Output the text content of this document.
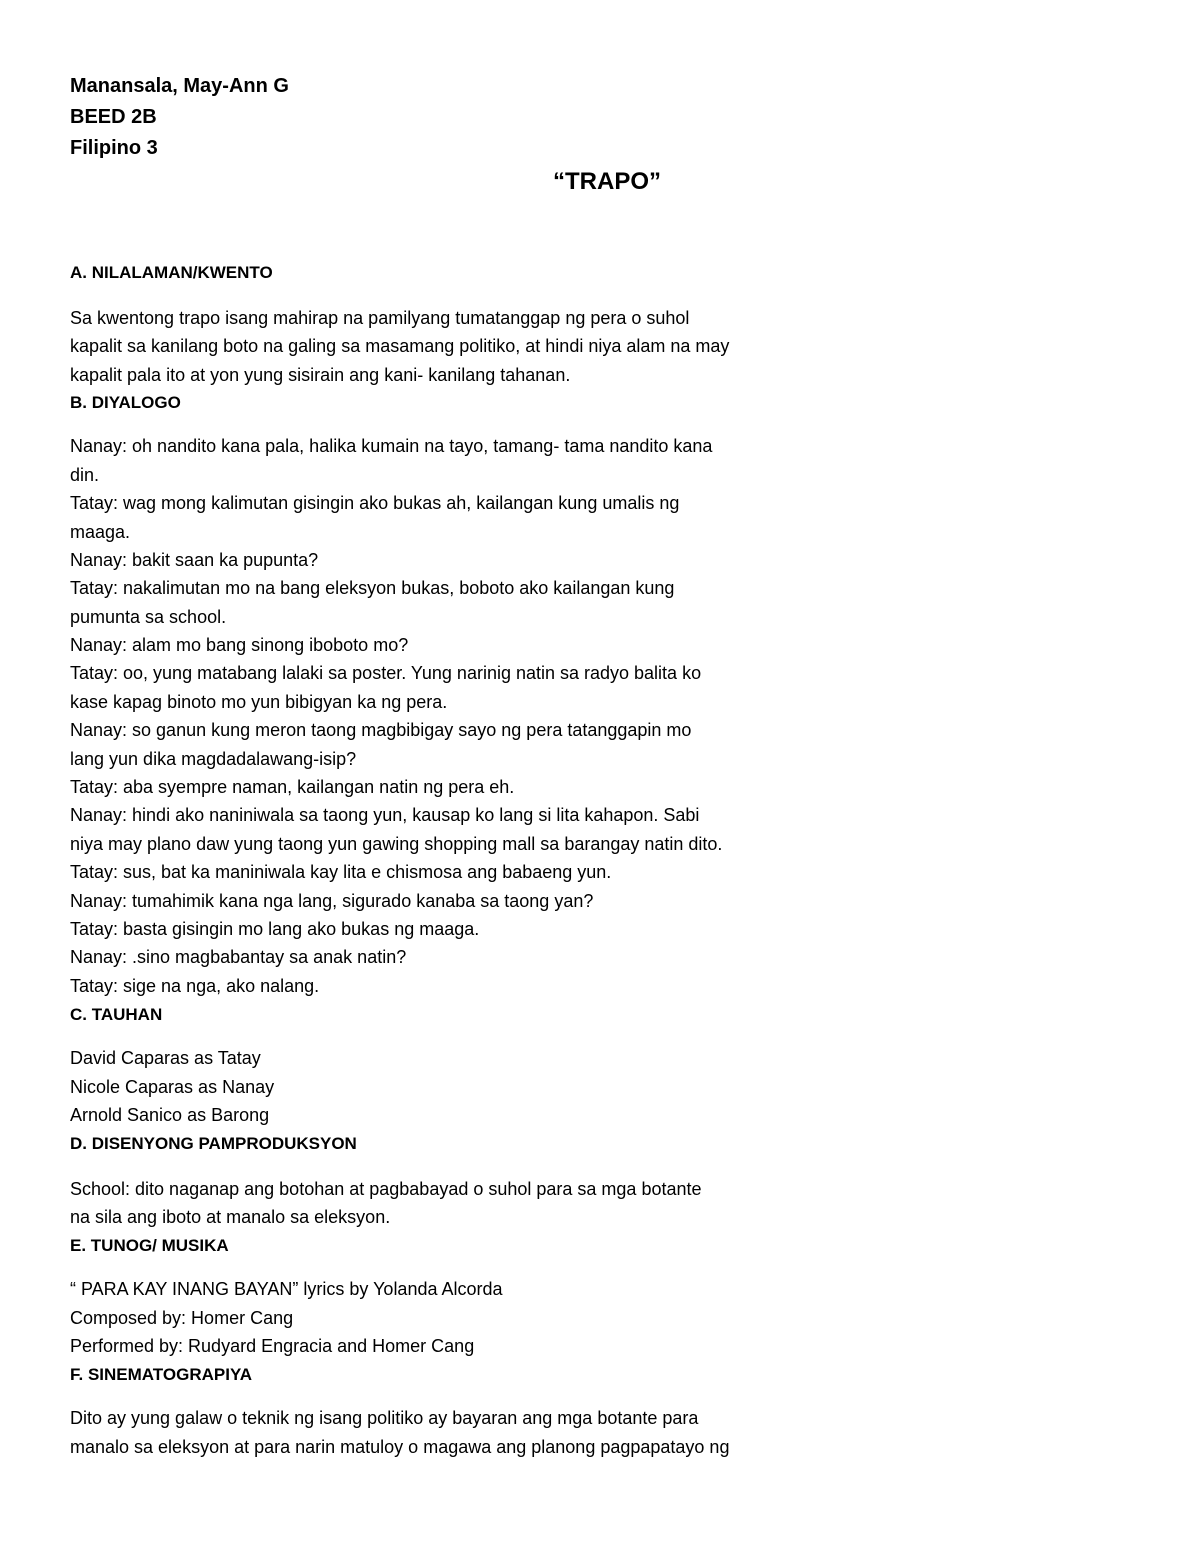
Manansala, May-Ann G
BEED 2B
Filipino 3
“TRAPO”
A. NILALAMAN/KWENTO
Sa kwentong trapo isang mahirap na pamilyang tumatanggap ng pera o suhol
kapalit sa kanilang boto na galing sa masamang politiko, at hindi niya alam na may
kapalit pala ito at yon yung sisirain ang kani- kanilang tahanan.
B. DIYALOGO
Nanay: oh nandito kana pala, halika kumain na tayo, tamang- tama nandito kana
din.
Tatay: wag mong kalimutan gisingin ako bukas ah, kailangan kung umalis ng
maaga.
Nanay: bakit saan ka pupunta?
Tatay: nakalimutan mo na bang eleksyon bukas, boboto ako kailangan kung
pumunta sa school.
Nanay: alam mo bang sinong iboboto mo?
Tatay: oo, yung matabang lalaki sa poster. Yung narinig natin sa radyo balita ko
kase kapag binoto mo yun bibigyan ka ng pera.
Nanay: so ganun kung meron taong magbibigay sayo ng pera tatanggapin mo
lang yun dika magdadalawang-isip?
Tatay: aba syempre naman, kailangan natin ng pera eh.
Nanay: hindi ako naniniwala sa taong yun, kausap ko lang si lita kahapon. Sabi
niya may plano daw yung taong yun gawing shopping mall sa barangay natin dito.
Tatay: sus, bat ka maniniwala kay lita e chismosa ang babaeng yun.
Nanay: tumahimik kana nga lang, sigurado kanaba sa taong yan?
Tatay: basta gisingin mo lang ako bukas ng maaga.
Nanay: .sino magbabantay sa anak natin?
Tatay: sige na nga, ako nalang.
C. TAUHAN
David Caparas as Tatay
Nicole Caparas as Nanay
Arnold Sanico as Barong
D. DISENYONG PAMPRODUKSYON
School: dito naganap ang botohan at pagbabayad o suhol para sa mga botante
na sila ang iboto at manalo sa eleksyon.
E. TUNOG/ MUSIKA
“ PARA KAY INANG BAYAN” lyrics by Yolanda Alcorda
Composed by: Homer Cang
Performed by: Rudyard Engracia and Homer Cang
F. SINEMATOGRAPIYA
Dito ay yung galaw o teknik ng isang politiko ay bayaran ang mga botante para
manalo sa eleksyon at para narin matuloy o magawa ang planong pagpapatayo ng
